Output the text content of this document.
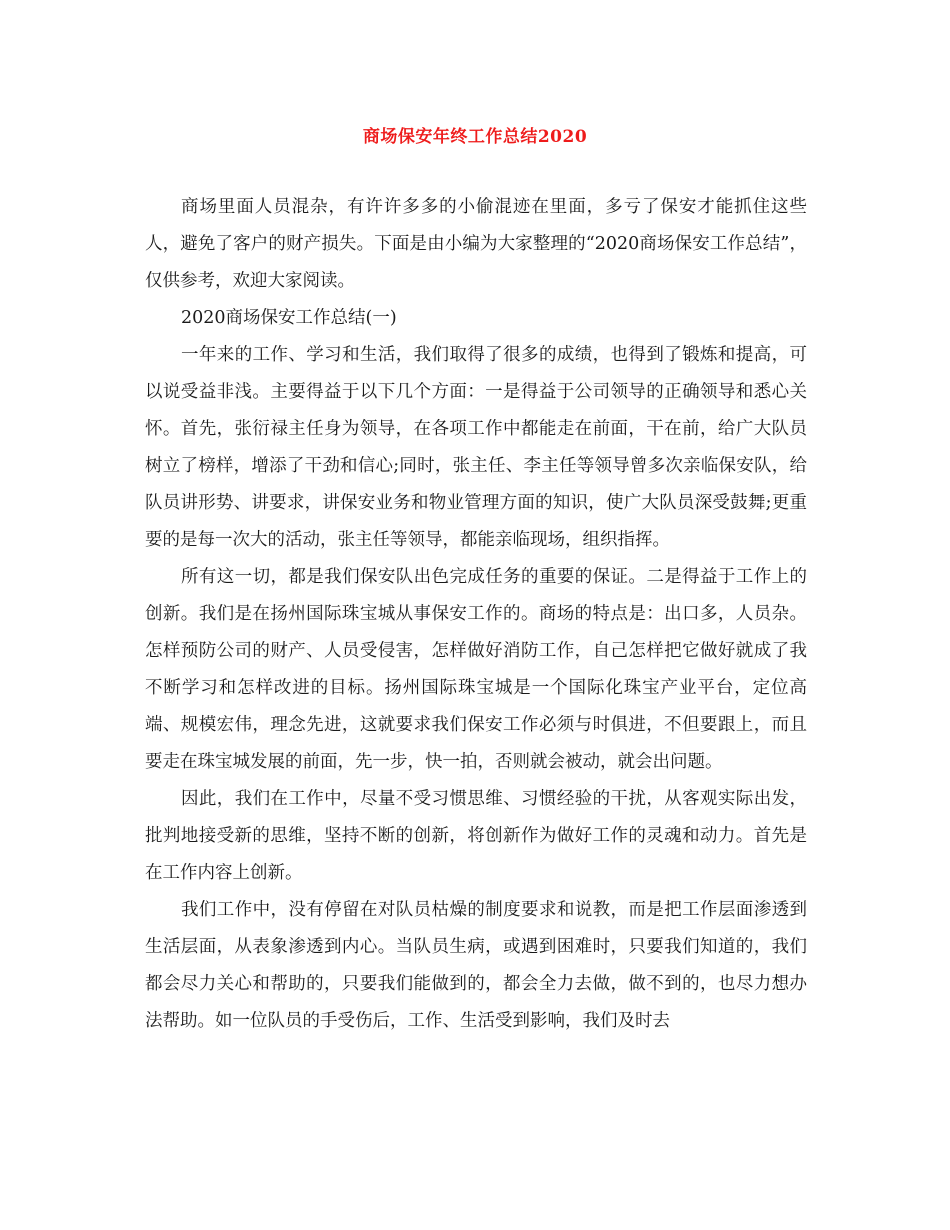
商场保安年终工作总结2020

商场里面人员混杂，有许许多多的小偷混迹在里面，多亏了保安才能抓住这些人，避免了客户的财产损失。下面是由小编为大家整理的“2020商场保安工作总结”，仅供参考，欢迎大家阅读。

2020商场保安工作总结(一)

一年来的工作、学习和生活，我们取得了很多的成绩，也得到了锻炼和提高，可以说受益非浅。主要得益于以下几个方面：一是得益于公司领导的正确领导和悉心关怀。首先，张衍禄主任身为领导，在各项工作中都能走在前面，干在前，给广大队员树立了榜样，增添了干劲和信心;同时，张主任、李主任等领导曾多次亲临保安队，给队员讲形势、讲要求，讲保安业务和物业管理方面的知识，使广大队员深受鼓舞;更重要的是每一次大的活动，张主任等领导，都能亲临现场，组织指挥。

所有这一切，都是我们保安队出色完成任务的重要的保证。二是得益于工作上的创新。我们是在扬州国际珠宝城从事保安工作的。商场的特点是：出口多，人员杂。怎样预防公司的财产、人员受侵害，怎样做好消防工作，自己怎样把它做好就成了我不断学习和怎样改进的目标。扬州国际珠宝城是一个国际化珠宝产业平台，定位高端、规模宏伟，理念先进，这就要求我们保安工作必须与时俱进，不但要跟上，而且要走在珠宝城发展的前面，先一步，快一拍，否则就会被动，就会出问题。

因此，我们在工作中，尽量不受习惯思维、习惯经验的干扰，从客观实际出发，批判地接受新的思维，坚持不断的创新，将创新作为做好工作的灵魂和动力。首先是在工作内容上创新。

我们工作中，没有停留在对队员枯燥的制度要求和说教，而是把工作层面渗透到生活层面，从表象渗透到内心。当队员生病，或遇到困难时，只要我们知道的，我们都会尽力关心和帮助的，只要我们能做到的，都会全力去做，做不到的，也尽力想办法帮助。如一位队员的手受伤后，工作、生活受到影响，我们及时去
